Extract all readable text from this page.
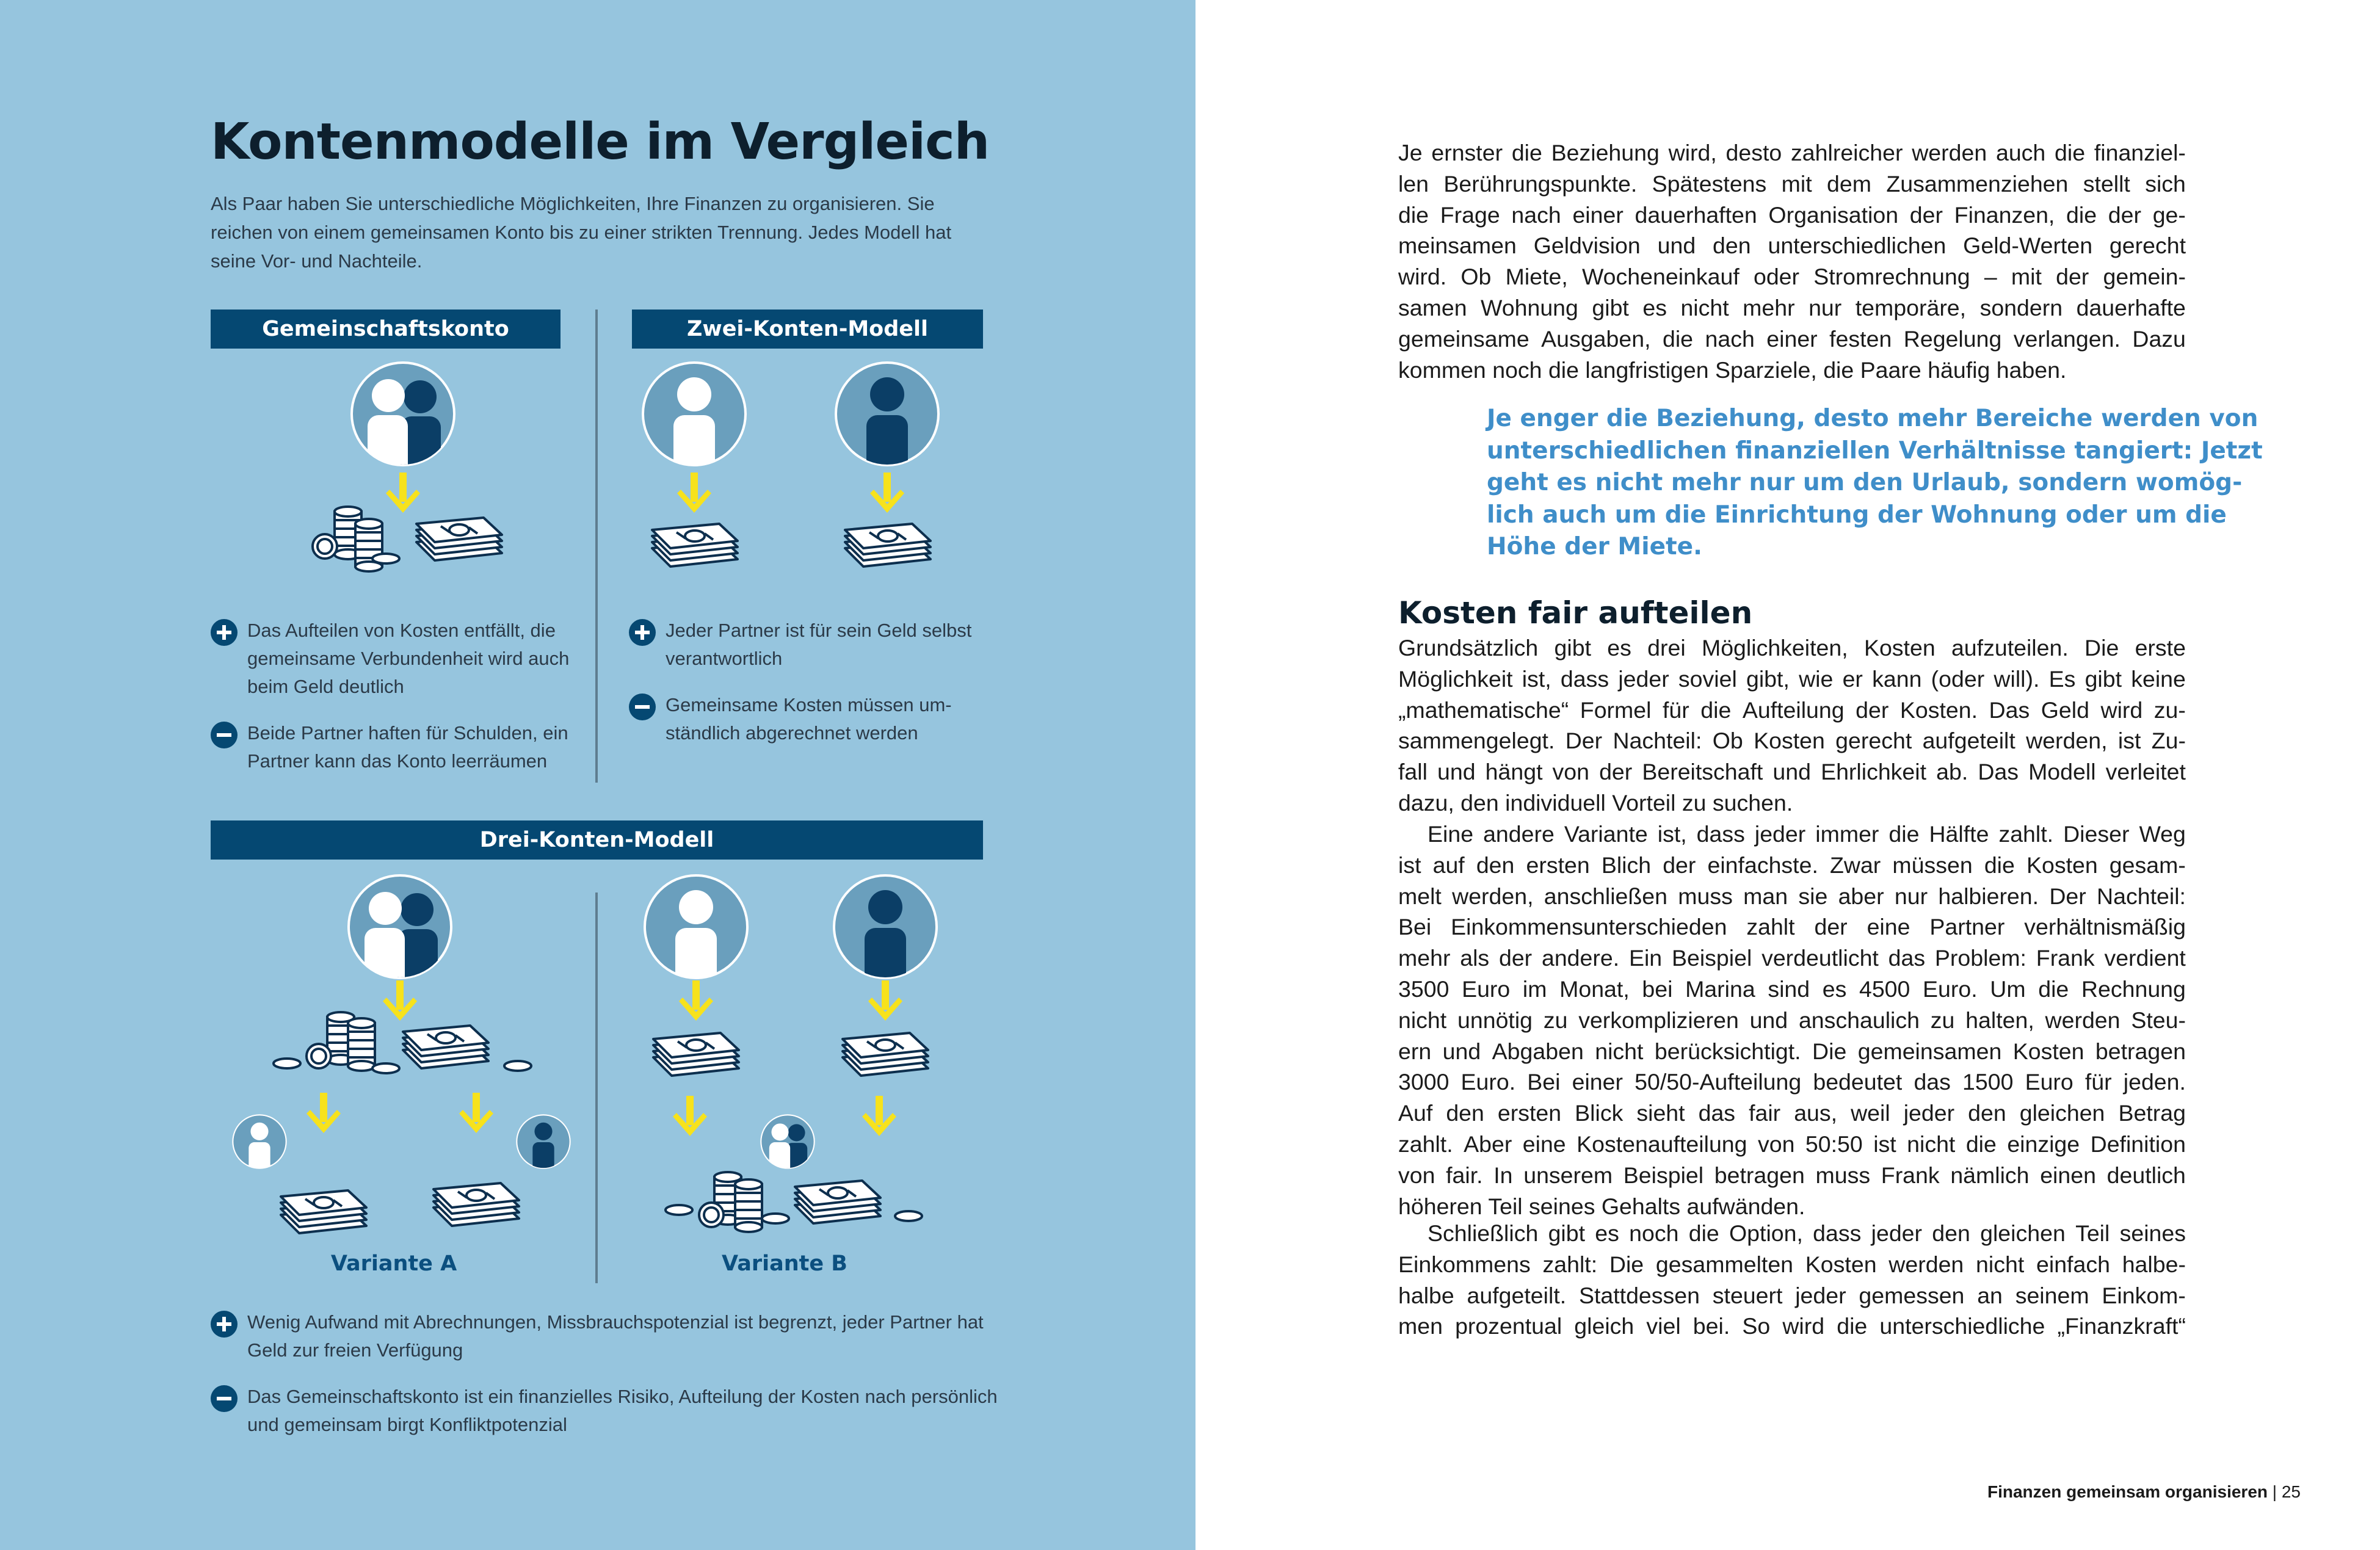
Kontenmodelle im Vergleich
Als Paar haben Sie unterschiedliche Möglichkeiten, Ihre Finanzen zu organisieren. Sie
reichen von einem gemeinsamen Konto bis zu einer strikten Trennung. Jedes Modell hat
seine Vor- und Nachteile.
Gemeinschaftskonto	Zwei-Konten-Modell
Das Aufteilen von Kosten entfällt, die
gemeinsame Verbundenheit wird auch
beim Geld deutlich
Beide Partner haften für Schulden, ein
Partner kann das Konto leerräumen
Jeder Partner ist für sein Geld selbst
verantwortlich
Gemeinsame Kosten müssen um-
ständlich abgerechnet werden
Drei-Konten-Modell
Variante A	Variante B
Wenig Aufwand mit Abrechnungen, Missbrauchspotenzial ist begrenzt, jeder Partner hat
Geld zur freien Verfügung
Das Gemeinschaftskonto ist ein finanzielles Risiko, Aufteilung der Kosten nach persönlich
und gemeinsam birgt Konfliktpotenzial
Je ernster die Beziehung wird, desto zahlreicher werden auch die finanziel-
len Berührungspunkte. Spätestens mit dem Zusammenziehen stellt sich
die Frage nach einer dauerhaften Organisation der Finanzen, die der ge-
meinsamen Geldvision und den unterschiedlichen Geld-Werten gerecht
wird. Ob Miete, Wocheneinkauf oder Stromrechnung – mit der gemein-
samen Wohnung gibt es nicht mehr nur temporäre, sondern dauerhafte
gemeinsame Ausgaben, die nach einer festen Regelung verlangen. Dazu
kommen noch die langfristigen Sparziele, die Paare häufig haben.
Je enger die Beziehung, desto mehr Bereiche werden von
unterschiedlichen finanziellen Verhältnisse tangiert: Jetzt
geht es nicht mehr nur um den Urlaub, sondern womög-
lich auch um die Einrichtung der Wohnung oder um die
Höhe der Miete.
Kosten fair aufteilen
Grundsätzlich gibt es drei Möglichkeiten, Kosten aufzuteilen. Die erste
Möglichkeit ist, dass jeder soviel gibt, wie er kann (oder will). Es gibt keine
„mathematische“ Formel für die Aufteilung der Kosten. Das Geld wird zu-
sammengelegt. Der Nachteil: Ob Kosten gerecht aufgeteilt werden, ist Zu-
fall und hängt von der Bereitschaft und Ehrlichkeit ab. Das Modell verleitet
dazu, den individuell Vorteil zu suchen.
Eine andere Variante ist, dass jeder immer die Hälfte zahlt. Dieser Weg
ist auf den ersten Blich der einfachste. Zwar müssen die Kosten gesam-
melt werden, anschließen muss man sie aber nur halbieren. Der Nachteil:
Bei Einkommensunterschieden zahlt der eine Partner verhältnismäßig
mehr als der andere. Ein Beispiel verdeutlicht das Problem: Frank verdient
3500 Euro im Monat, bei Marina sind es 4500 Euro. Um die Rechnung
nicht unnötig zu verkomplizieren und anschaulich zu halten, werden Steu-
ern und Abgaben nicht berücksichtigt. Die gemeinsamen Kosten betragen
3000 Euro. Bei einer 50/50-Aufteilung bedeutet das 1500 Euro für jeden.
Auf den ersten Blick sieht das fair aus, weil jeder den gleichen Betrag
zahlt. Aber eine Kostenaufteilung von 50:50 ist nicht die einzige Definition
von fair. In unserem Beispiel betragen muss Frank nämlich einen deutlich
höheren Teil seines Gehalts aufwänden.
Schließlich gibt es noch die Option, dass jeder den gleichen Teil seines
Einkommens zahlt: Die gesammelten Kosten werden nicht einfach halbe-
halbe aufgeteilt. Stattdessen steuert jeder gemessen an seinem Einkom-
men prozentual gleich viel bei. So wird die unterschiedliche „Finanzkraft“
Finanzen gemeinsam organisieren | 25
